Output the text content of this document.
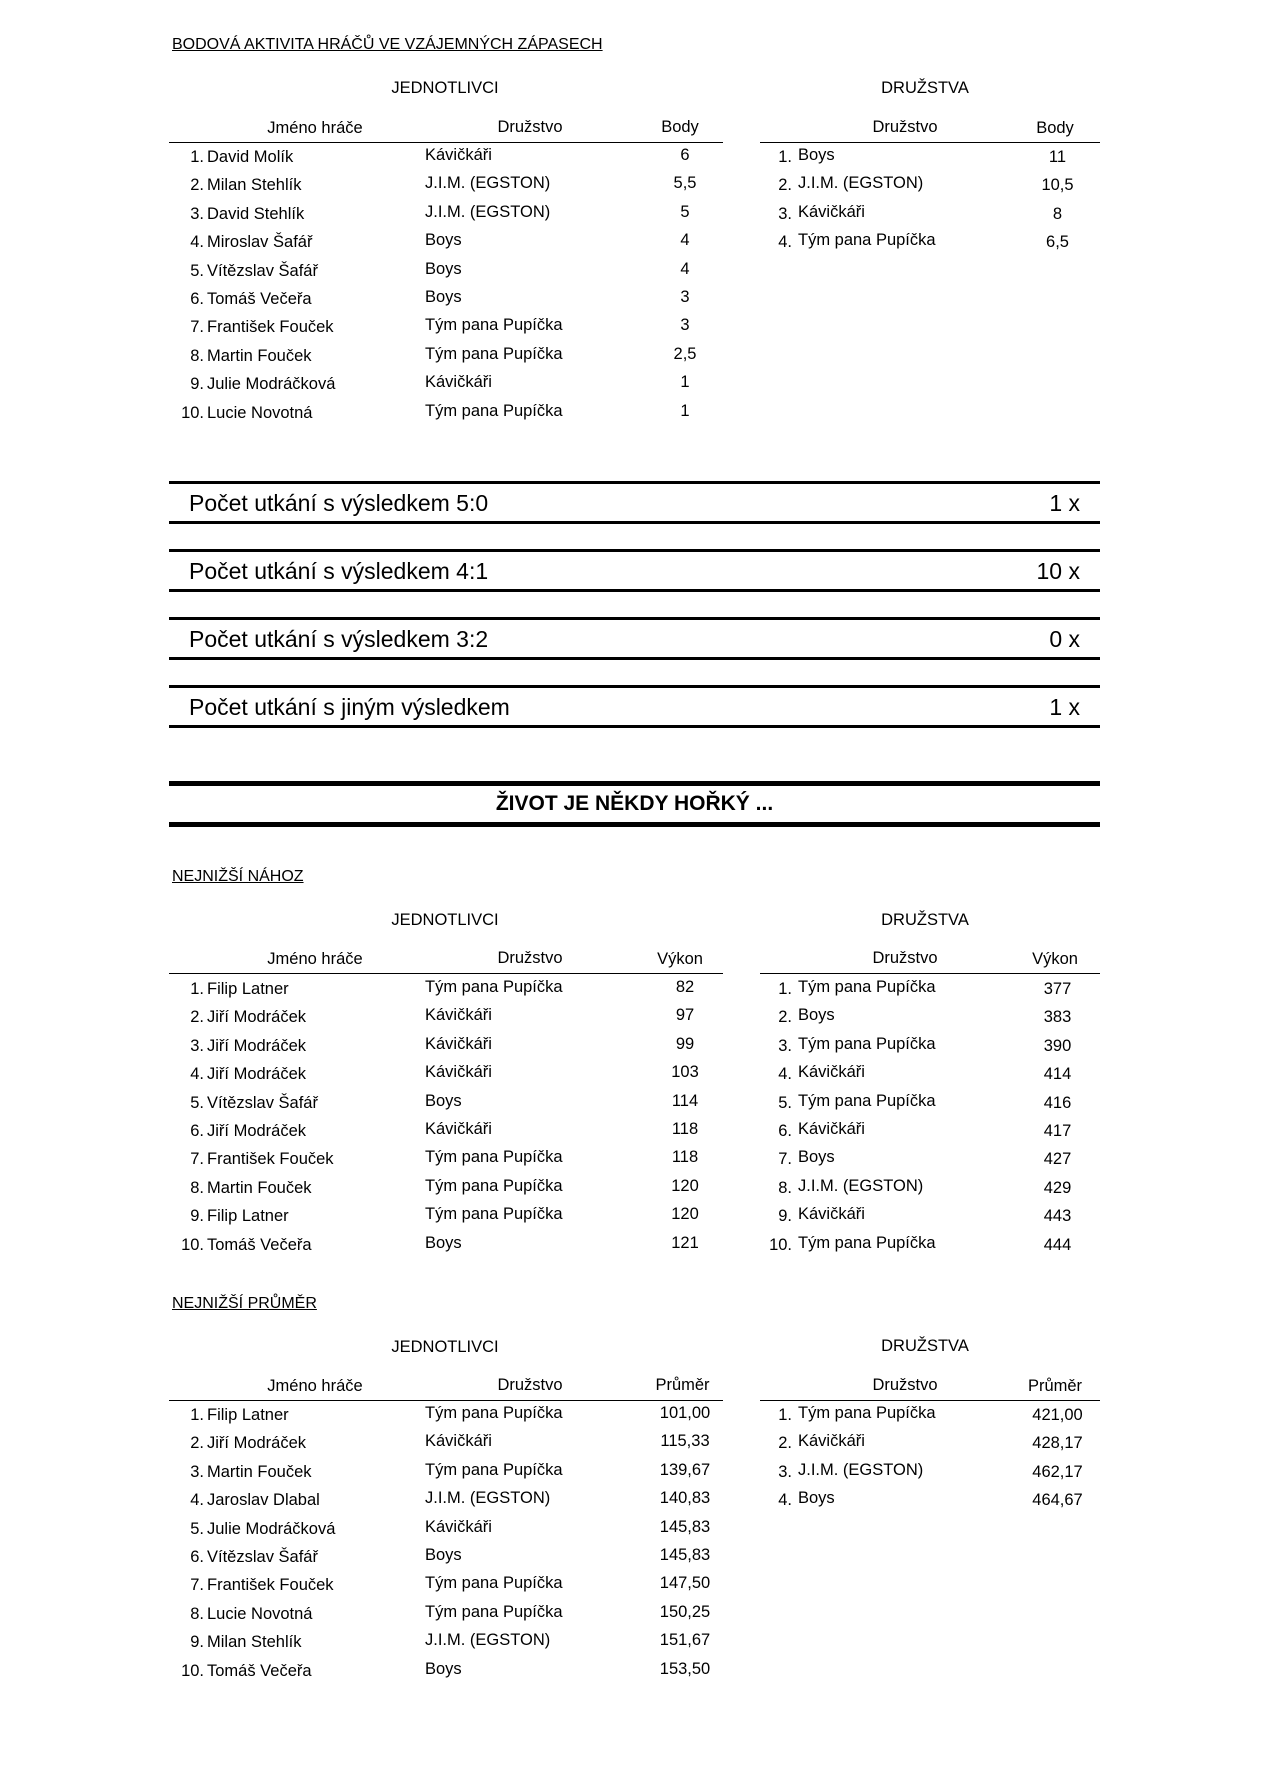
BODOVÁ AKTIVITA HRÁČŮ VE VZÁJEMNÝCH ZÁPASECH
JEDNOTLIVCI	DRUŽSTVA
Jméno hráče	Družstvo	Body
1. David Molík	Kávičkáři	6
2. Milan Stehlík	J.I.M. (EGSTON)	5,5
3. David Stehlík	J.I.M. (EGSTON)	5
4. Miroslav Šafář	Boys	4
5. Vítězslav Šafář	Boys	4
6. Tomáš Večeřa	Boys	3
7. František Fouček	Tým pana Pupíčka	3
8. Martin Fouček	Tým pana Pupíčka	2,5
9. Julie Modráčková	Kávičkáři	1
10. Lucie Novotná	Tým pana Pupíčka	1
Družstvo	Body
1. Boys	11
2. J.I.M. (EGSTON)	10,5
3. Kávičkáři	8
4. Tým pana Pupíčka	6,5
Počet utkání s výsledkem 5:0	1 x
Počet utkání s výsledkem 4:1	10 x
Počet utkání s výsledkem 3:2	0 x
Počet utkání s jiným výsledkem	1 x
ŽIVOT JE NĚKDY HOŘKÝ ...
NEJNIŽŠÍ NÁHOZ
JEDNOTLIVCI	DRUŽSTVA
Jméno hráče	Družstvo	Výkon
1. Filip Latner	Tým pana Pupíčka	82
2. Jiří Modráček	Kávičkáři	97
3. Jiří Modráček	Kávičkáři	99
4. Jiří Modráček	Kávičkáři	103
5. Vítězslav Šafář	Boys	114
6. Jiří Modráček	Kávičkáři	118
7. František Fouček	Tým pana Pupíčka	118
8. Martin Fouček	Tým pana Pupíčka	120
9. Filip Latner	Tým pana Pupíčka	120
10. Tomáš Večeřa	Boys	121
Družstvo	Výkon
1. Tým pana Pupíčka	377
2. Boys	383
3. Tým pana Pupíčka	390
4. Kávičkáři	414
5. Tým pana Pupíčka	416
6. Kávičkáři	417
7. Boys	427
8. J.I.M. (EGSTON)	429
9. Kávičkáři	443
10. Tým pana Pupíčka	444
NEJNIŽŠÍ PRŮMĚR
JEDNOTLIVCI	DRUŽSTVA
Jméno hráče	Družstvo	Průměr
1. Filip Latner	Tým pana Pupíčka	101,00
2. Jiří Modráček	Kávičkáři	115,33
3. Martin Fouček	Tým pana Pupíčka	139,67
4. Jaroslav Dlabal	J.I.M. (EGSTON)	140,83
5. Julie Modráčková	Kávičkáři	145,83
6. Vítězslav Šafář	Boys	145,83
7. František Fouček	Tým pana Pupíčka	147,50
8. Lucie Novotná	Tým pana Pupíčka	150,25
9. Milan Stehlík	J.I.M. (EGSTON)	151,67
10. Tomáš Večeřa	Boys	153,50
Družstvo	Průměr
1. Tým pana Pupíčka	421,00
2. Kávičkáři	428,17
3. J.I.M. (EGSTON)	462,17
4. Boys	464,67
